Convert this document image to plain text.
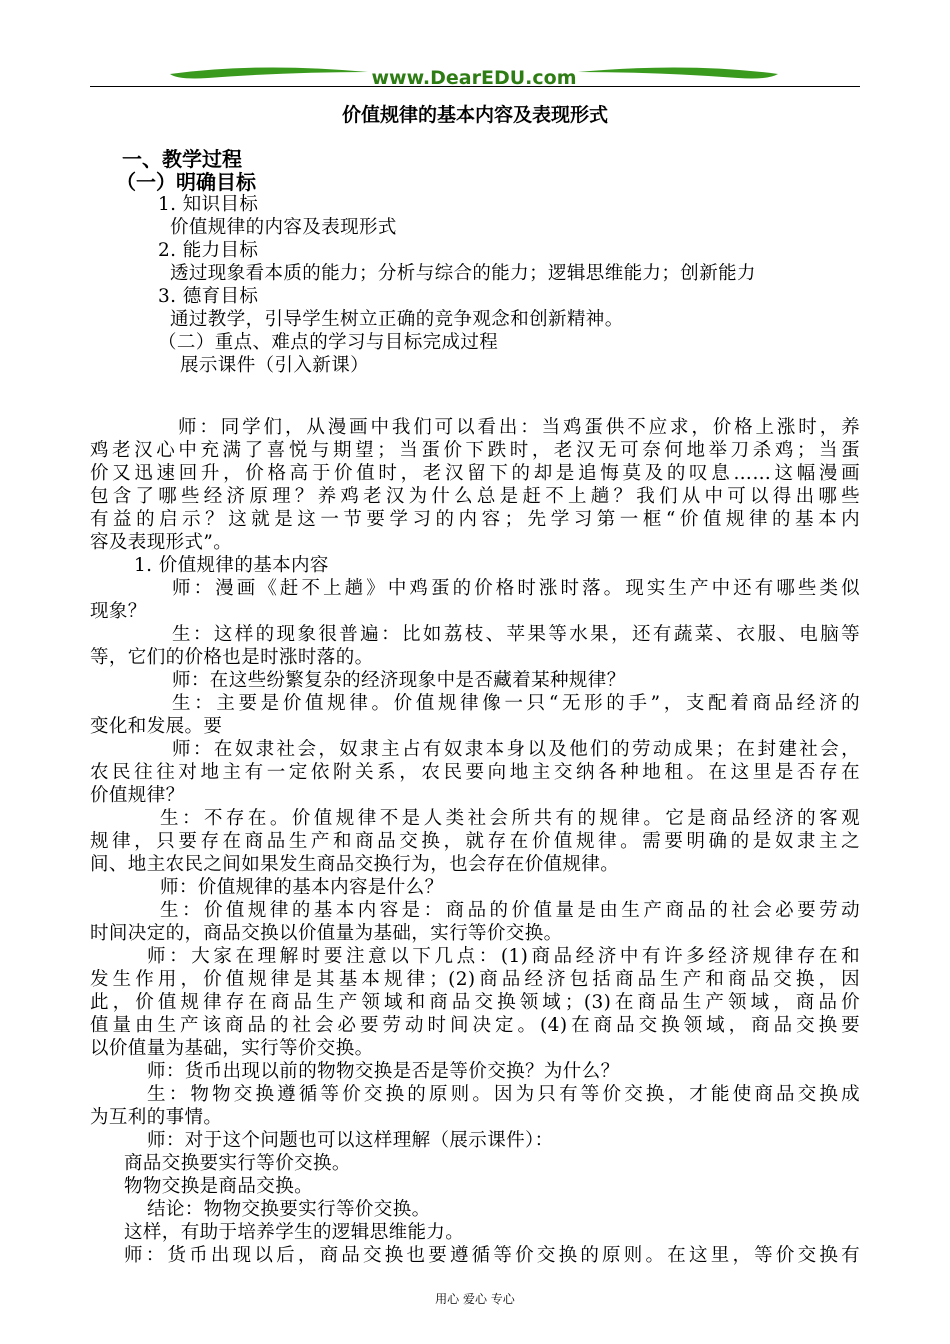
www.DearEDU.com
价值规律的基本内容及表现形式
一、教学过程
（一）明确目标
1. 知识目标
价值规律的内容及表现形式
2. 能力目标
透过现象看本质的能力；分析与综合的能力；逻辑思维能力；创新能力
3. 德育目标
通过教学，引导学生树立正确的竞争观念和创新精神。
（二）重点、难点的学习与目标完成过程
展示课件（引入新课）
师：同学们，从漫画中我们可以看出：当鸡蛋供不应求，价格上涨时，养
鸡老汉心中充满了喜悦与期望；当蛋价下跌时，老汉无可奈何地举刀杀鸡；当蛋
价又迅速回升，价格高于价值时，老汉留下的却是追悔莫及的叹息……这幅漫画
包含了哪些经济原理？养鸡老汉为什么总是赶不上趟？我们从中可以得出哪些
有益的启示？这就是这一节要学习的内容；先学习第一框“价值规律的基本内
容及表现形式”。
1. 价值规律的基本内容
师：漫画《赶不上趟》中鸡蛋的价格时涨时落。现实生产中还有哪些类似
现象？
生：这样的现象很普遍：比如荔枝、苹果等水果，还有蔬菜、衣服、电脑等
等，它们的价格也是时涨时落的。
师：在这些纷繁复杂的经济现象中是否藏着某种规律？
生：主要是价值规律。价值规律像一只“无形的手”，支配着商品经济的
变化和发展。要
师：在奴隶社会，奴隶主占有奴隶本身以及他们的劳动成果；在封建社会，
农民往往对地主有一定依附关系，农民要向地主交纳各种地租。在这里是否存在
价值规律？
生：不存在。价值规律不是人类社会所共有的规律。它是商品经济的客观
规律，只要存在商品生产和商品交换，就存在价值规律。需要明确的是奴隶主之
间、地主农民之间如果发生商品交换行为，也会存在价值规律。
师：价值规律的基本内容是什么？
生：价值规律的基本内容是：商品的价值量是由生产商品的社会必要劳动
时间决定的，商品交换以价值量为基础，实行等价交换。
师：大家在理解时要注意以下几点：(1)商品经济中有许多经济规律存在和
发生作用，价值规律是其基本规律；(2)商品经济包括商品生产和商品交换，因
此，价值规律存在商品生产领域和商品交换领域；(3)在商品生产领域，商品价
值量由生产该商品的社会必要劳动时间决定。(4)在商品交换领域，商品交换要
以价值量为基础，实行等价交换。
师：货币出现以前的物物交换是否是等价交换？为什么？
生：物物交换遵循等价交换的原则。因为只有等价交换，才能使商品交换成
为互利的事情。
师：对于这个问题也可以这样理解（展示课件）：
商品交换要实行等价交换。
物物交换是商品交换。
结论：物物交换要实行等价交换。
这样，有助于培养学生的逻辑思维能力。
师：货币出现以后，商品交换也要遵循等价交换的原则。在这里，等价交换有
用心 爱心 专心
